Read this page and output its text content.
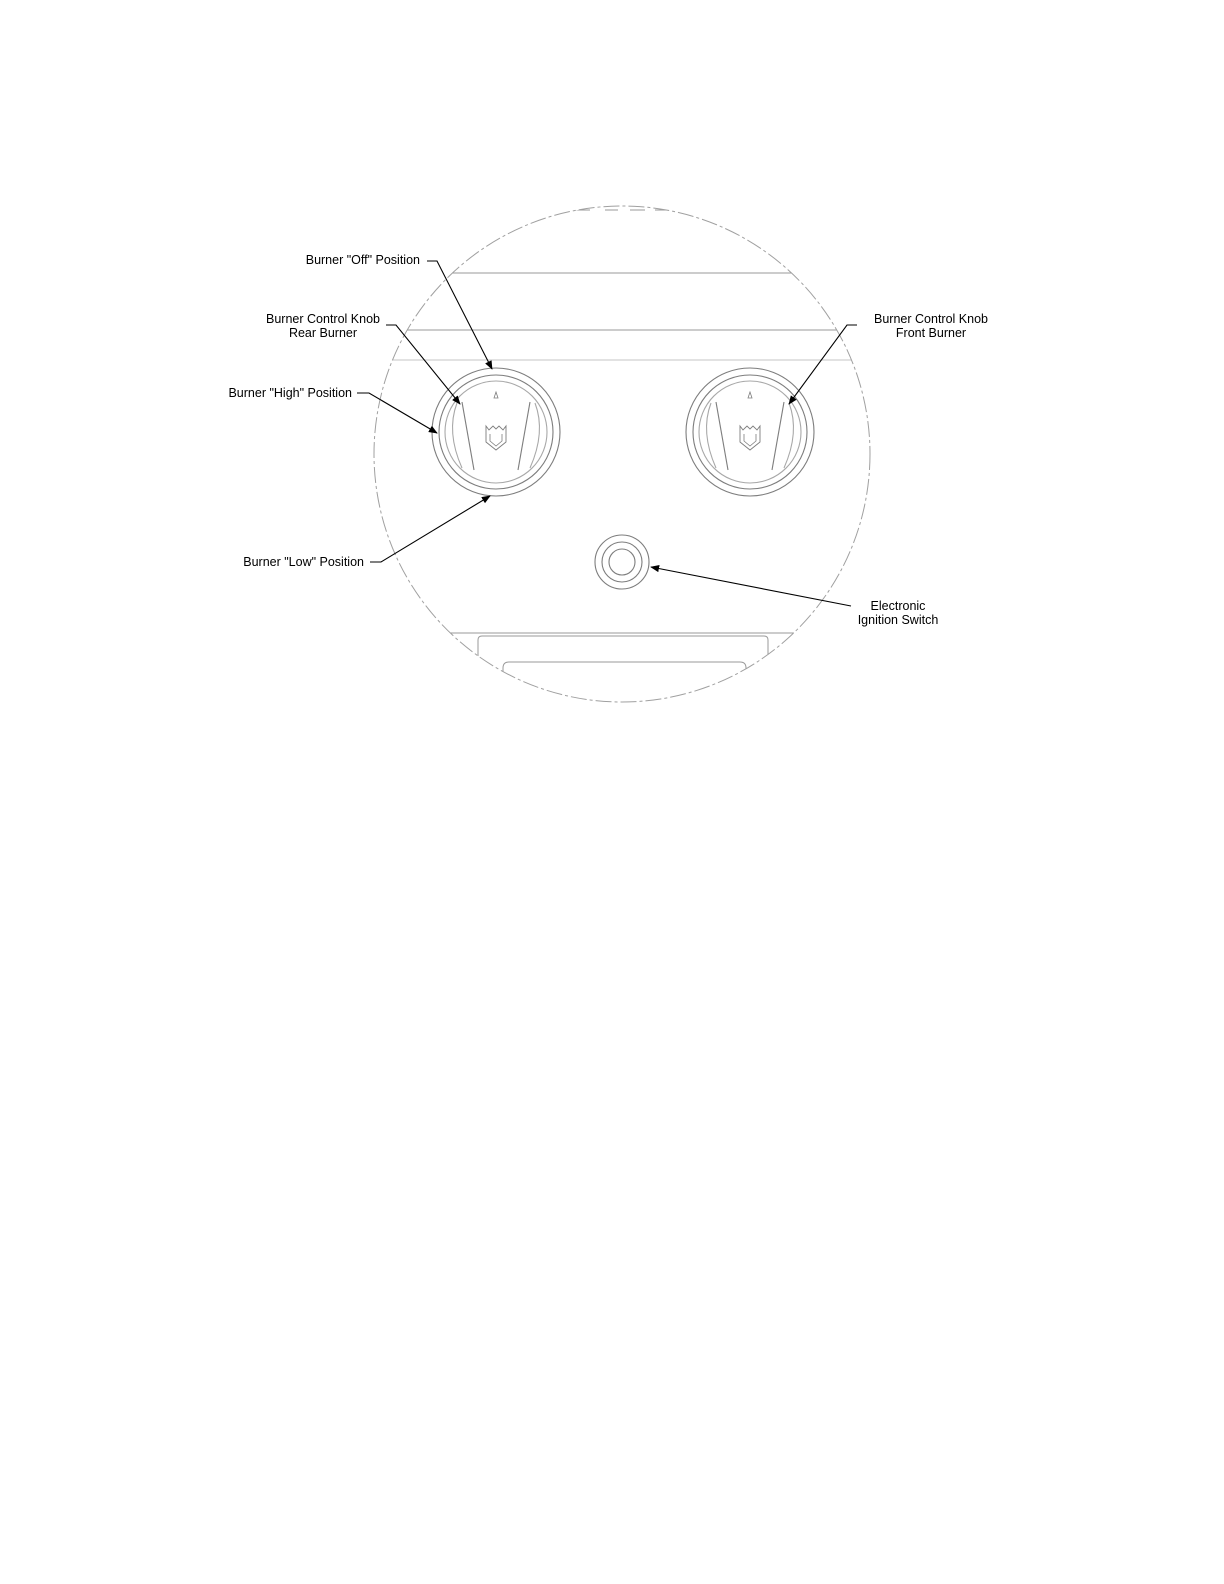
Burner "Off" Position
Burner Control Knob
Rear Burner
Burner Control Knob
Front Burner
Burner "High" Position
Burner "Low" Position
Electronic
Ignition Switch
